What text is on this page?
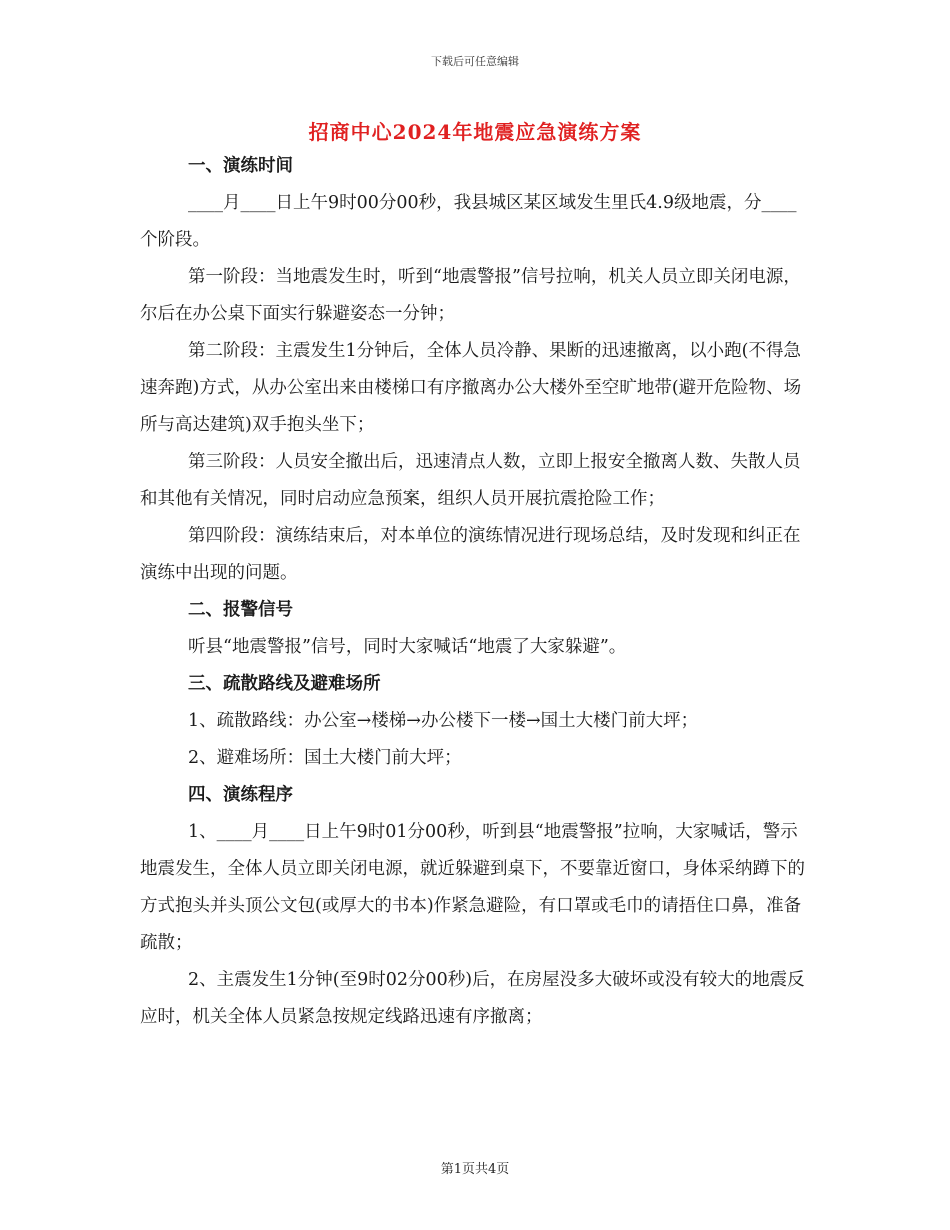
下载后可任意编辑
招商中心2024年地震应急演练方案

一、演练时间

____月____日上午9时00分00秒，我县城区某区域发生里氏4.9级地震，分____个阶段。

第一阶段：当地震发生时，听到“地震警报”信号拉响，机关人员立即关闭电源，尔后在办公桌下面实行躲避姿态一分钟；

第二阶段：主震发生1分钟后，全体人员冷静、果断的迅速撤离，以小跑(不得急速奔跑)方式，从办公室出来由楼梯口有序撤离办公大楼外至空旷地带(避开危险物、场所与高达建筑)双手抱头坐下；

第三阶段：人员安全撤出后，迅速清点人数，立即上报安全撤离人数、失散人员和其他有关情况，同时启动应急预案，组织人员开展抗震抢险工作；

第四阶段：演练结束后，对本单位的演练情况进行现场总结，及时发现和纠正在演练中出现的问题。

二、报警信号

听县“地震警报”信号，同时大家喊话“地震了大家躲避”。

三、疏散路线及避难场所

1、疏散路线：办公室→楼梯→办公楼下一楼→国土大楼门前大坪；

2、避难场所：国土大楼门前大坪；

四、演练程序

1、____月____日上午9时01分00秒，听到县“地震警报”拉响，大家喊话，警示地震发生，全体人员立即关闭电源，就近躲避到桌下，不要靠近窗口，身体采纳蹲下的方式抱头并头顶公文包(或厚大的书本)作紧急避险，有口罩或毛巾的请捂住口鼻，准备疏散；

2、主震发生1分钟(至9时02分00秒)后，在房屋没多大破坏或没有较大的地震反应时，机关全体人员紧急按规定线路迅速有序撤离；

第1页共4页
